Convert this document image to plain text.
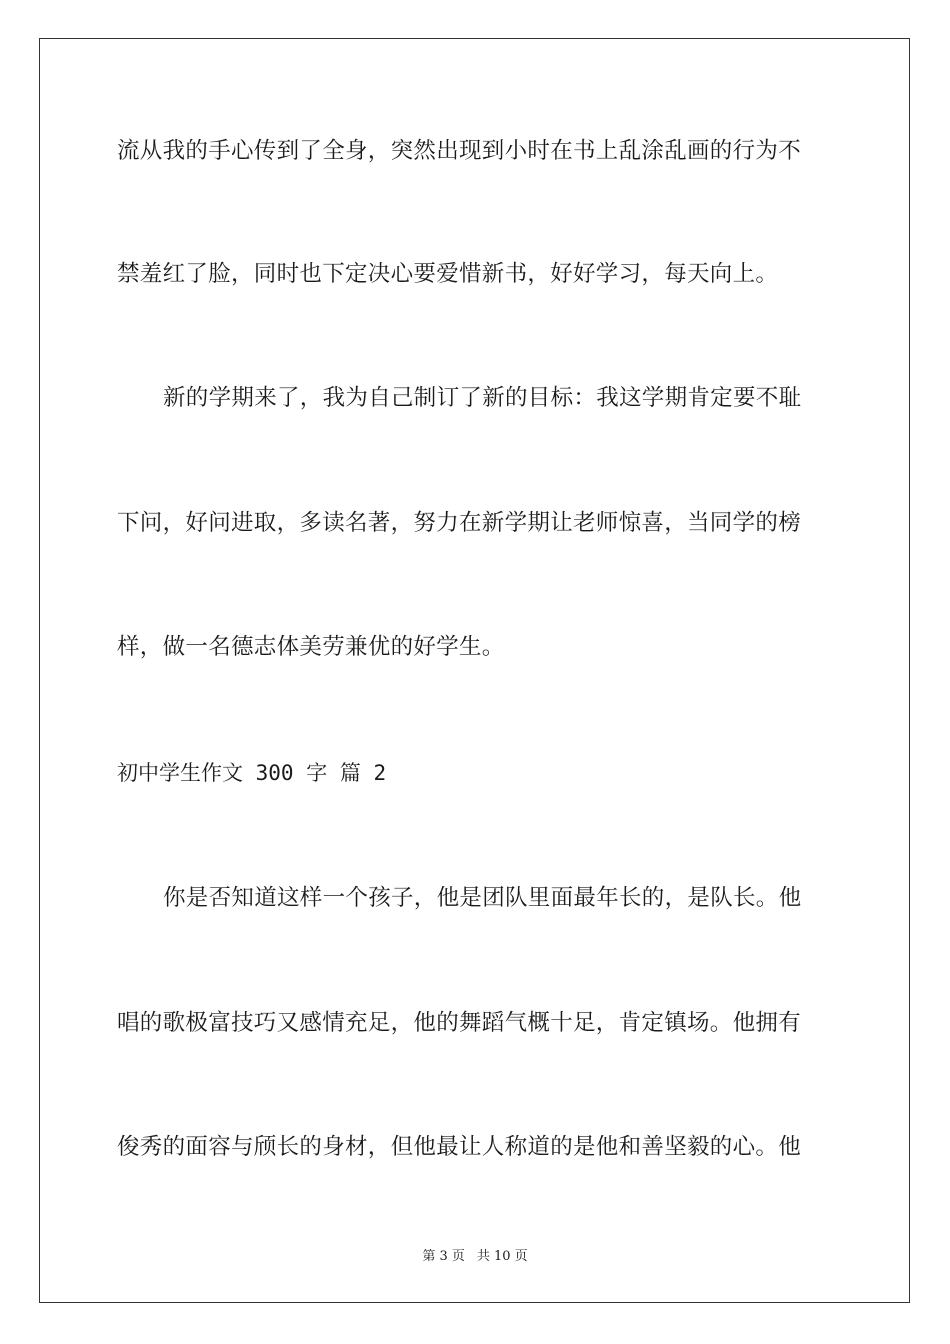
流从我的手心传到了全身，突然出现到小时在书上乱涂乱画的行为不
禁羞红了脸，同时也下定决心要爱惜新书，好好学习，每天向上。
新的学期来了，我为自己制订了新的目标：我这学期肯定要不耻
下问，好问进取，多读名著，努力在新学期让老师惊喜，当同学的榜
样，做一名德志体美劳兼优的好学生。
初中学生作文 300 字 篇 2
你是否知道这样一个孩子，他是团队里面最年长的，是队长。他
唱的歌极富技巧又感情充足，他的舞蹈气概十足，肯定镇场。他拥有
俊秀的面容与颀长的身材，但他最让人称道的是他和善坚毅的心。他
第 3 页 共 10 页
